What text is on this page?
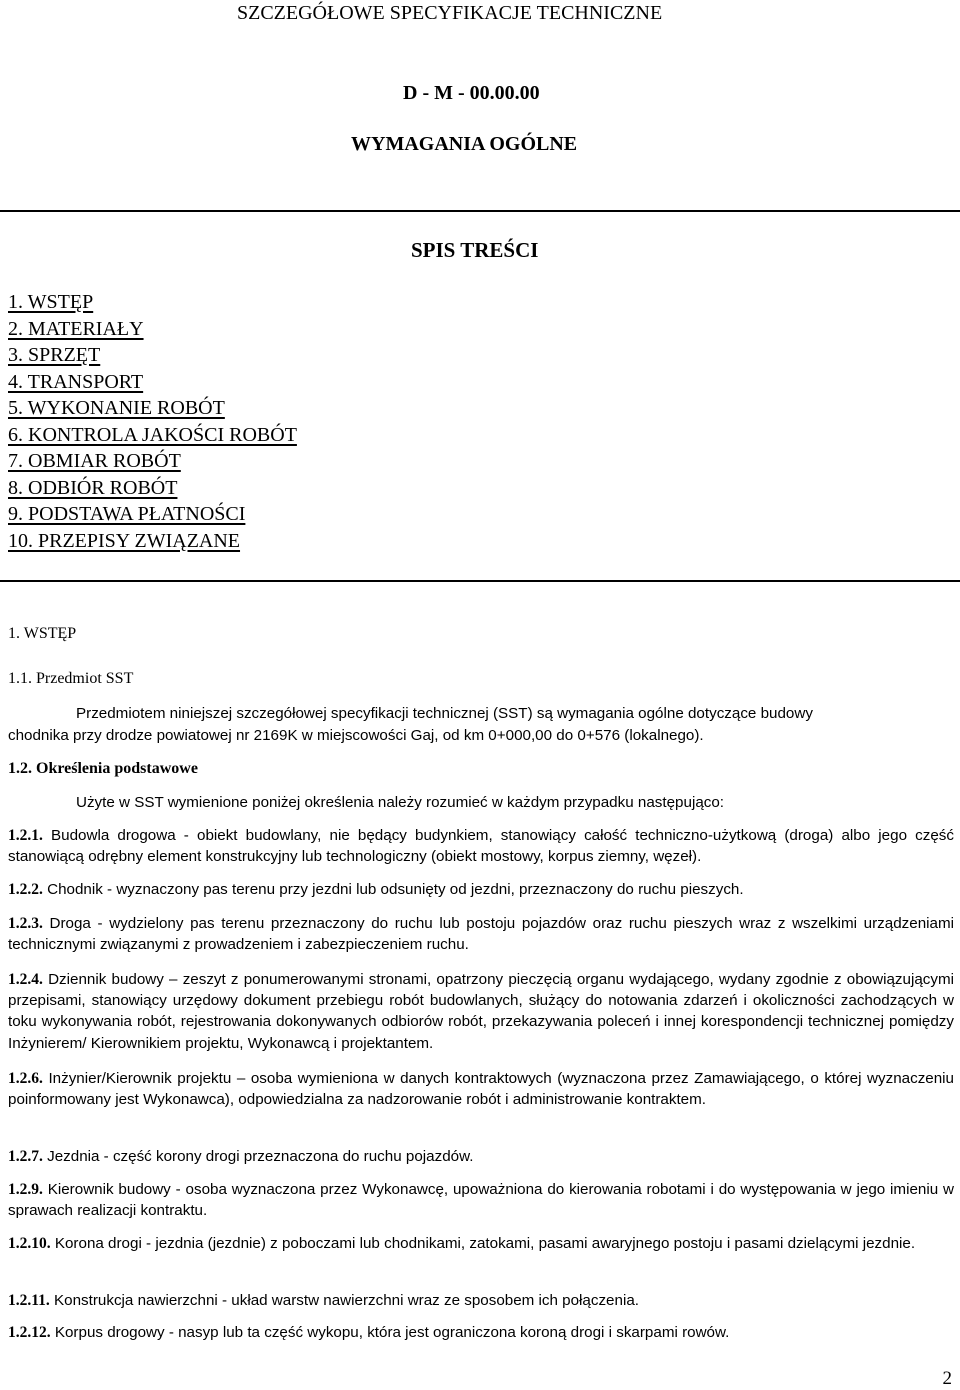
SZCZEGÓŁOWE SPECYFIKACJE TECHNICZNE
D - M - 00.00.00
WYMAGANIA OGÓLNE
SPIS TREŚCI
1. WSTĘP
2. MATERIAŁY
3. SPRZĘT
4. TRANSPORT
5. WYKONANIE ROBÓT
6. KONTROLA JAKOŚCI ROBÓT
7. OBMIAR ROBÓT
8. ODBIÓR ROBÓT
9. PODSTAWA PŁATNOŚCI
10. PRZEPISY ZWIĄZANE
1. WSTĘP
1.1. Przedmiot SST
Przedmiotem niniejszej szczegółowej specyfikacji technicznej (SST) są wymagania ogólne dotyczące budowy
chodnika przy drodze powiatowej nr 2169K w miejscowości Gaj, od km 0+000,00 do 0+576 (lokalnego).
1.2. Określenia podstawowe
Użyte w SST wymienione poniżej określenia należy rozumieć w każdym przypadku następująco:
1.2.1. Budowla drogowa - obiekt budowlany, nie będący budynkiem, stanowiący całość techniczno-użytkową (droga) albo jego część stanowiącą odrębny element konstrukcyjny lub technologiczny (obiekt mostowy, korpus ziemny, węzeł).
1.2.2. Chodnik - wyznaczony pas terenu przy jezdni lub odsunięty od jezdni, przeznaczony do ruchu pieszych.
1.2.3. Droga - wydzielony pas terenu przeznaczony do ruchu lub postoju pojazdów oraz ruchu pieszych wraz z wszelkimi urządzeniami technicznymi związanymi z prowadzeniem i zabezpieczeniem ruchu.
1.2.4. Dziennik budowy – zeszyt z ponumerowanymi stronami, opatrzony pieczęcią organu wydającego, wydany zgodnie z obowiązującymi przepisami, stanowiący urzędowy dokument przebiegu robót budowlanych, służący do notowania zdarzeń i okoliczności zachodzących w toku wykonywania robót, rejestrowania dokonywanych odbiorów robót, przekazywania poleceń i innej korespondencji technicznej pomiędzy Inżynierem/ Kierownikiem projektu, Wykonawcą i projektantem.
1.2.6. Inżynier/Kierownik projektu – osoba wymieniona w danych kontraktowych (wyznaczona przez Zamawiającego, o której wyznaczeniu poinformowany jest Wykonawca), odpowiedzialna za nadzorowanie robót i administrowanie kontraktem.
1.2.7. Jezdnia - część korony drogi przeznaczona do ruchu pojazdów.
1.2.9. Kierownik budowy - osoba wyznaczona przez Wykonawcę, upoważniona do kierowania robotami i do występowania w jego imieniu w sprawach realizacji kontraktu.
1.2.10. Korona drogi - jezdnia (jezdnie) z poboczami lub chodnikami, zatokami, pasami awaryjnego postoju i pasami dzielącymi jezdnie.
1.2.11. Konstrukcja nawierzchni - układ warstw nawierzchni wraz ze sposobem ich połączenia.
1.2.12. Korpus drogowy - nasyp lub ta część wykopu, która jest ograniczona koroną drogi i skarpami rowów.
2
